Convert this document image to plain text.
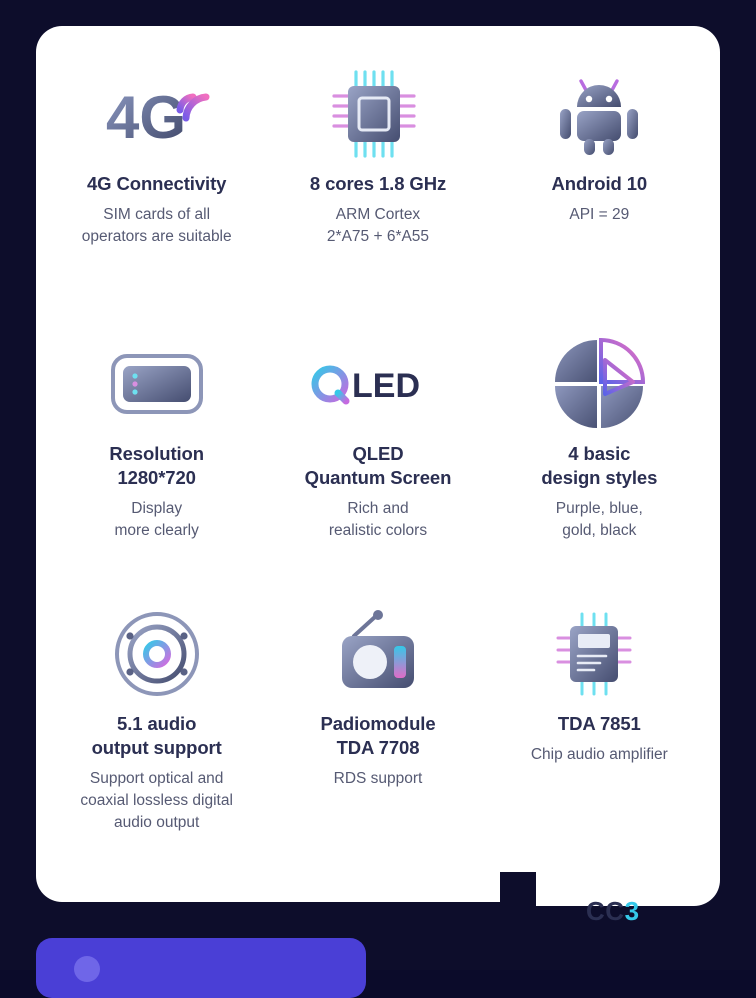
4G
4G Connectivity
SIM cards of all
operators are suitable
8 cores 1.8 GHz
ARM Cortex
2*A75 + 6*A55
Android 10
API = 29
Resolution
1280*720
Display
more clearly
LED
QLED
Quantum Screen
Rich and
realistic colors
4 basic
design styles
Purple, blue,
gold, black
5.1 audio
output support
Support optical and
coaxial lossless digital
audio output
Padiomodule
TDA 7708
RDS support
TDA 7851
Chip audio amplifier
CC3
